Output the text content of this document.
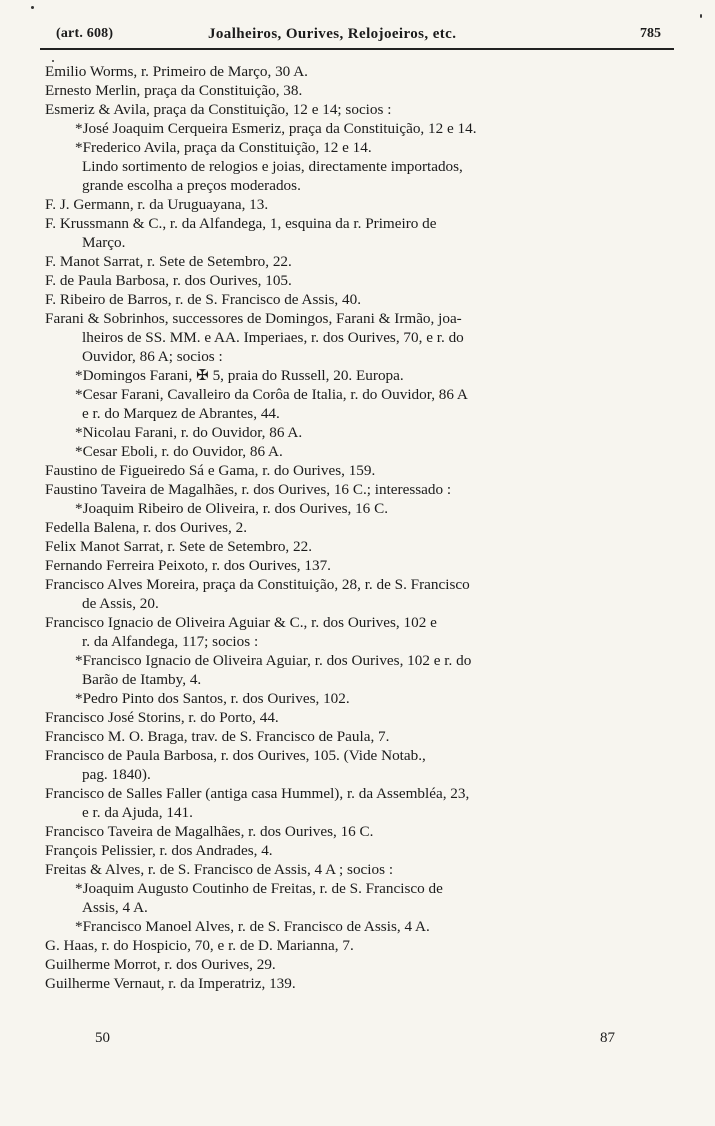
(art. 608)	Joalheiros, Ourives, Relojoeiros, etc.	785
Emilio Worms, r. Primeiro de Março, 30 A.
Ernesto Merlin, praça da Constituição, 38.
Esmeriz & Avila, praça da Constituição, 12 e 14; socios :
*José Joaquim Cerqueira Esmeriz, praça da Constituição, 12 e 14.
*Frederico Avila, praça da Constituição, 12 e 14.
Lindo sortimento de relogios e joias, directamente importados,
grande escolha a preços moderados.
F. J. Germann, r. da Uruguayana, 13.
F. Krussmann & C., r. da Alfandega, 1, esquina da r. Primeiro de
Março.
F. Manot Sarrat, r. Sete de Setembro, 22.
F. de Paula Barbosa, r. dos Ourives, 105.
F. Ribeiro de Barros, r. de S. Francisco de Assis, 40.
Farani & Sobrinhos, successores de Domingos, Farani & Irmão, joa-
lheiros de SS. MM. e AA. Imperiaes, r. dos Ourives, 70, e r. do
Ouvidor, 86 A; socios :
*Domingos Farani, ✠ 5, praia do Russell, 20. Europa.
*Cesar Farani, Cavalleiro da Corôa de Italia, r. do Ouvidor, 86 A
e r. do Marquez de Abrantes, 44.
*Nicolau Farani, r. do Ouvidor, 86 A.
*Cesar Eboli, r. do Ouvidor, 86 A.
Faustino de Figueiredo Sá e Gama, r. do Ourives, 159.
Faustino Taveira de Magalhães, r. dos Ourives, 16 C.; interessado :
*Joaquim Ribeiro de Oliveira, r. dos Ourives, 16 C.
Fedella Balena, r. dos Ourives, 2.
Felix Manot Sarrat, r. Sete de Setembro, 22.
Fernando Ferreira Peixoto, r. dos Ourives, 137.
Francisco Alves Moreira, praça da Constituição, 28, r. de S. Francisco
de Assis, 20.
Francisco Ignacio de Oliveira Aguiar & C., r. dos Ourives, 102 e
r. da Alfandega, 117; socios :
*Francisco Ignacio de Oliveira Aguiar, r. dos Ourives, 102 e r. do
Barão de Itamby, 4.
*Pedro Pinto dos Santos, r. dos Ourives, 102.
Francisco José Storins, r. do Porto, 44.
Francisco M. O. Braga, trav. de S. Francisco de Paula, 7.
Francisco de Paula Barbosa, r. dos Ourives, 105. (Vide Notab.,
pag. 1840).
Francisco de Salles Faller (antiga casa Hummel), r. da Assembléa, 23,
e r. da Ajuda, 141.
Francisco Taveira de Magalhães, r. dos Ourives, 16 C.
François Pelissier, r. dos Andrades, 4.
Freitas & Alves, r. de S. Francisco de Assis, 4 A ; socios :
*Joaquim Augusto Coutinho de Freitas, r. de S. Francisco de
Assis, 4 A.
*Francisco Manoel Alves, r. de S. Francisco de Assis, 4 A.
G. Haas, r. do Hospicio, 70, e r. de D. Marianna, 7.
Guilherme Morrot, r. dos Ourives, 29.
Guilherme Vernaut, r. da Imperatriz, 139.
50	87
